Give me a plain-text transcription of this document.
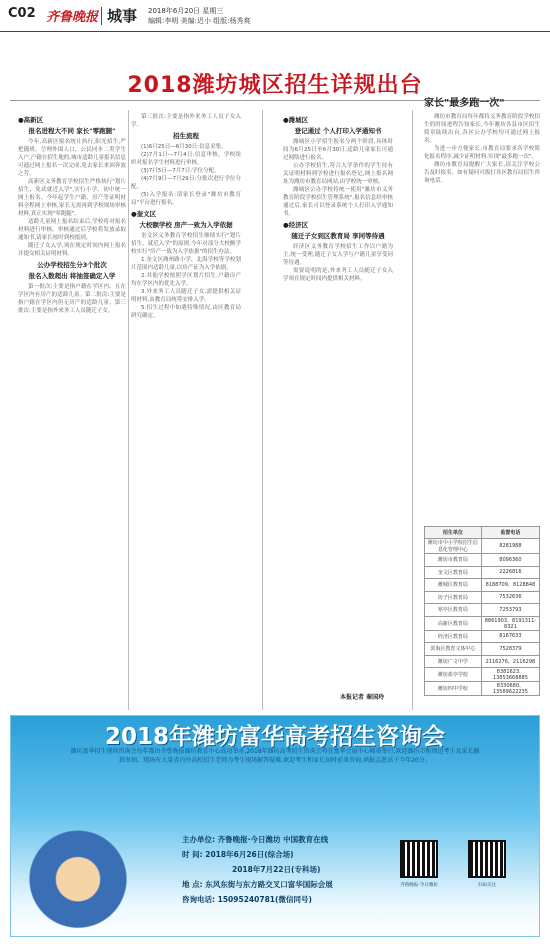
C02 齐鲁晚报 城事 2018年6月20日 星期三
编辑:李明 美编:迟小 组版:杨秀爽
2018潍坊城区招生详规出台

●高新区

报名进程大不同 家长"零跑腿"

今年,高新区报名统计执行,阳光招生,严把随班、呈理外围人口、公民同步二类学生入户,户籍在招生地的,城市适龄儿童报名信息可通过网上报名一次完成,免去家长来回奔波之劳。

高新区义务教育学校招生严格执行"划片招生、免试就近入学",实行小学、初中统一网上报名。今年起学生户籍、房产等证明材料全程网上审核,家长无需再到学校现场审核材料,真正实现"零跑腿"。

适龄儿童网上报名结束后,学校将对报名材料进行审核。审核通过后学校将发放录取通知书,请家长按时到校报到。

随迁子女入学,须在规定时间内网上报名并提交相关证明材料。

公办学校招生分3个批次

报名入数超出 将抽签确定入学

第一批次:主要是指户籍在学区内、且在学区内有房产的适龄儿童。第二批次:主要是指户籍在学区内但无房产的适龄儿童。第三批次:主要是指外来务工人员随迁子女。

第三批次:主要是指外来务工人员子女入学。

招生流程

(1)6月25日—6月30日:信息采集。

(2)7月1日—7月4日:信息审核。学校组织对报名学生材料进行审核。

(3)7月5日—7月7日:学位分配。

(4)7月9日—7月29日:分批次进行学位分配。

(5)入学报名:请家长登录"潍坊市教育局"平台进行报名。

●奎文区

大校额学校 房产一致为入学依据

奎文区义务教育学校招生继续实行"划片招生、就近入学"的原则,今年对部分大校额学校实行"房产一致为入学依据"的招生办法。

1.奎文区潍州路小学、北海学校等学校划片范围内适龄儿童,以房产证为入学依据。

2.其他学校按照学区划片招生,户籍房产均在学区内的优先入学。

3.外来务工人员随迁子女,需提供相关证明材料,由教育局统筹安排入学。

5.招生过程中如遇特殊情况,由区教育局研究确定。

●潍城区

登记通过 个人打印入学通知书

潍城区小学招生报名分两个阶段,具体时间为6月25日至6月30日,适龄儿童家长可通过网络进行报名。

公办学校招生,符合入学条件的学生持有关证明材料到学校进行报名登记,网上报名网址为潍坊市教育局网站,由学校统一审核。

潍城区公办学校将统一使用"潍坊市义务教育阶段学校招生管理系统",报名信息经审核通过后,家长可以登录系统个人打印入学通知书。

●经济区

随迁子女到区教育局 享同等待遇

经济区义务教育学校招生工作以户籍为主,统一受理,随迁子女入学与户籍儿童享受同等待遇。

需要说明的是,外来务工人员随迁子女入学须在规定时间内提供相关材料。

家长"最多跑一次"

潍坊市教育局每年都将义务教育阶段学校招生的时间进程告知家长,今年潍坊各县市区招生简章陆续出台,各区公办学校均可通过网上报名。

为进一步方便家长,市教育局要求各学校简化报名程序,减少证明材料,实现"最多跑一次"。

潍坊市教育局提醒广大家长,请关注学校公告及时报名。如有疑问可拨打各区教育局招生咨询电话。

招生单位	监督电话
潍坊市中小学校招生信息化管理中心	8281988
潍坊市教育局	8096360
奎文区教育局	2226816
潍城区教育局	8188709、8128848
坊子区教育局	7532636
寒亭区教育局	7253793
高新区教育局	8861903、8191311-8321
经济区教育局	8167633
滨海区教育文体中心	7528379
潍坊广文中学	2116276、2116298
潍坊盐亭学校	8381623、13853668885
潍坊四中学校	8330680、13589622235
本报记者 秦国玲
2018年潍坊富华高考招生咨询会
潍坊富华招生现场咨询会每年都由齐鲁晚报潍坊教育中心成功举办,2018年潍坊高考招生咨询会将在富华会展中心隆重举行,欢迎潍坊市和周边考生及家长踊跃参加。现场有大量省内外高校招生老师为考生现场解答疑难,欢迎考生和家长届时前来咨询,填报志愿高于今年20分。
主办单位: 齐鲁晚报·今日潍坊 中国教育在线
时 间: 2018年6月26日(综合场)
2018年7月22日(专科场)
地 点: 东风东街与东方路交叉口富华国际会展
咨询电话: 15095240781(微信同号)
齐鲁晚报·今日潍坊	扫码关注
